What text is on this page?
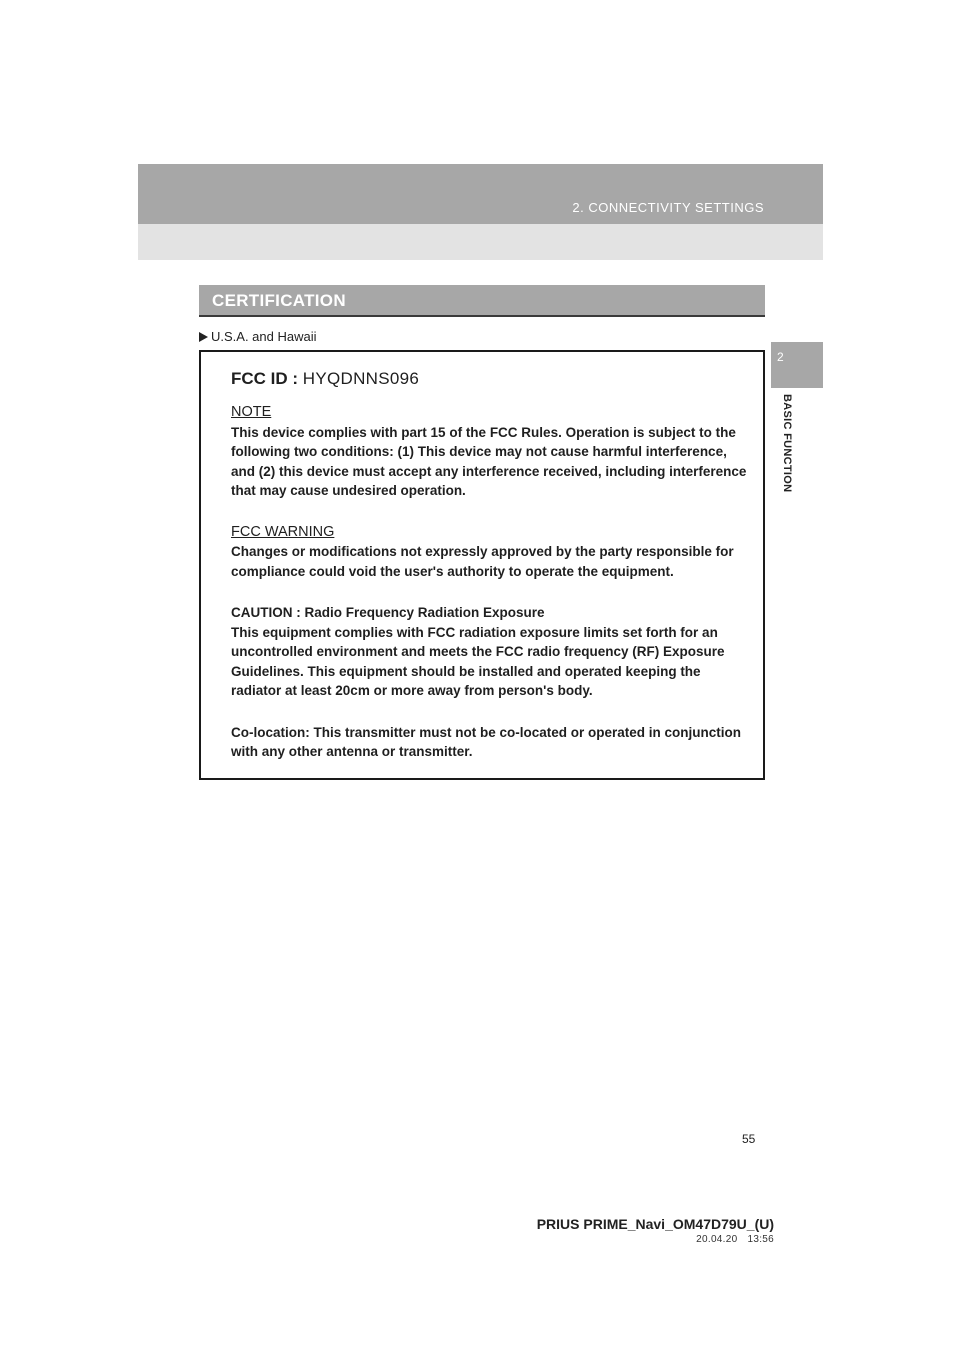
2. CONNECTIVITY SETTINGS
2
BASIC FUNCTION
CERTIFICATION
U.S.A. and Hawaii
FCC ID : HYQDNNS096
NOTE

This device complies with part 15 of the FCC Rules. Operation is subject to the following two conditions: (1) This device may not cause harmful interference, and (2) this device must accept any interference received, including interference that may cause undesired operation.

FCC WARNING

Changes or modifications not expressly approved by the party responsible for compliance could void the user's authority to operate the equipment.

CAUTION : Radio Frequency Radiation Exposure

This equipment complies with FCC radiation exposure limits set forth for an uncontrolled environment and meets the FCC radio frequency (RF) Exposure Guidelines. This equipment should be installed and operated keeping the radiator at least 20cm or more away from person's body.

Co-location: This transmitter must not be co-located or operated in conjunction with any other antenna or transmitter.

55
PRIUS PRIME_Navi_OM47D79U_(U)
20.04.20 13:56
